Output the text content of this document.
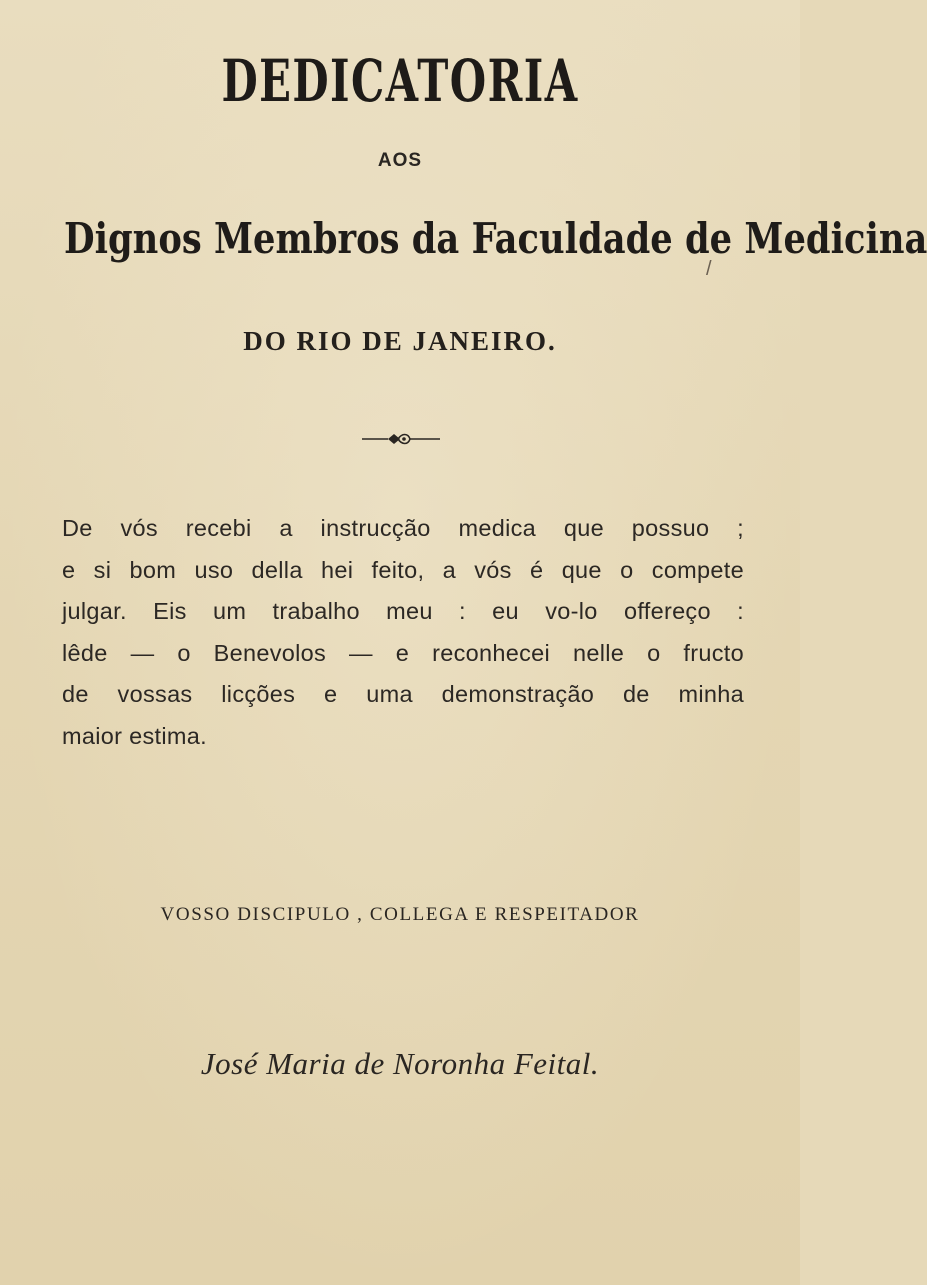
DEDICATORIA
AOS
Dignos Membros da Faculdade de Medicina
DO RIO DE JANEIRO.
De vós recebi a instrucção medica que possuo ;
e si bom uso della hei feito, a vós é que o compete
julgar. Eis um trabalho meu : eu vo-lo offereço :
lêde — o Benevolos — e reconhecei nelle o fructo
de vossas licções e uma demonstração de minha
maior estima.
VOSSO DISCIPULO , COLLEGA E RESPEITADOR
José Maria de Noronha Feital.
/
